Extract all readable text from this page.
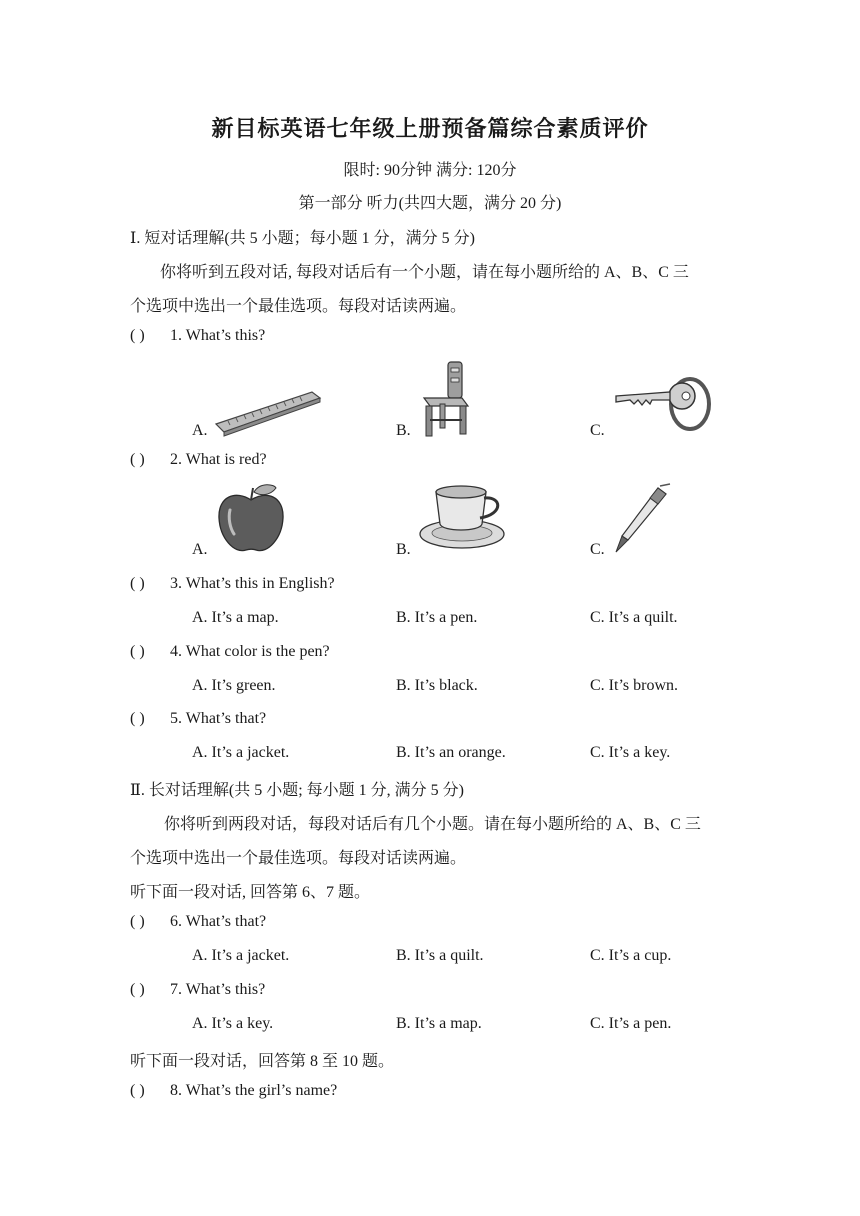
新目标英语七年级上册预备篇综合素质评价
限时: 90分钟 满分: 120分
第一部分 听力(共四大题，满分 20 分)
Ⅰ. 短对话理解(共 5 小题；每小题 1 分，满分 5 分)
你将听到五段对话, 每段对话后有一个小题，请在每小题所给的 A、B、C 三
个选项中选出一个最佳选项。每段对话读两遍。
( ) 1. What’s this?
A.	B.	C.
( ) 2. What is red?
A.	B.	C.
( ) 3. What’s this in English?
A. It’s a map.	B. It’s a pen.	C. It’s a quilt.
( ) 4. What color is the pen?
A. It’s green.	B. It’s black.	C. It’s brown.
( ) 5. What’s that?
A. It’s a jacket.	B. It’s an orange.	C. It’s a key.
Ⅱ. 长对话理解(共 5 小题; 每小题 1 分, 满分 5 分)
你将听到两段对话，每段对话后有几个小题。请在每小题所给的 A、B、C 三
个选项中选出一个最佳选项。每段对话读两遍。
听下面一段对话, 回答第 6、7 题。
( ) 6. What’s that?
A. It’s a jacket.	B. It’s a quilt.	C. It’s a cup.
( ) 7. What’s this?
A. It’s a key.	B. It’s a map.	C. It’s a pen.
听下面一段对话，回答第 8 至 10 题。
( ) 8. What’s the girl’s name?
